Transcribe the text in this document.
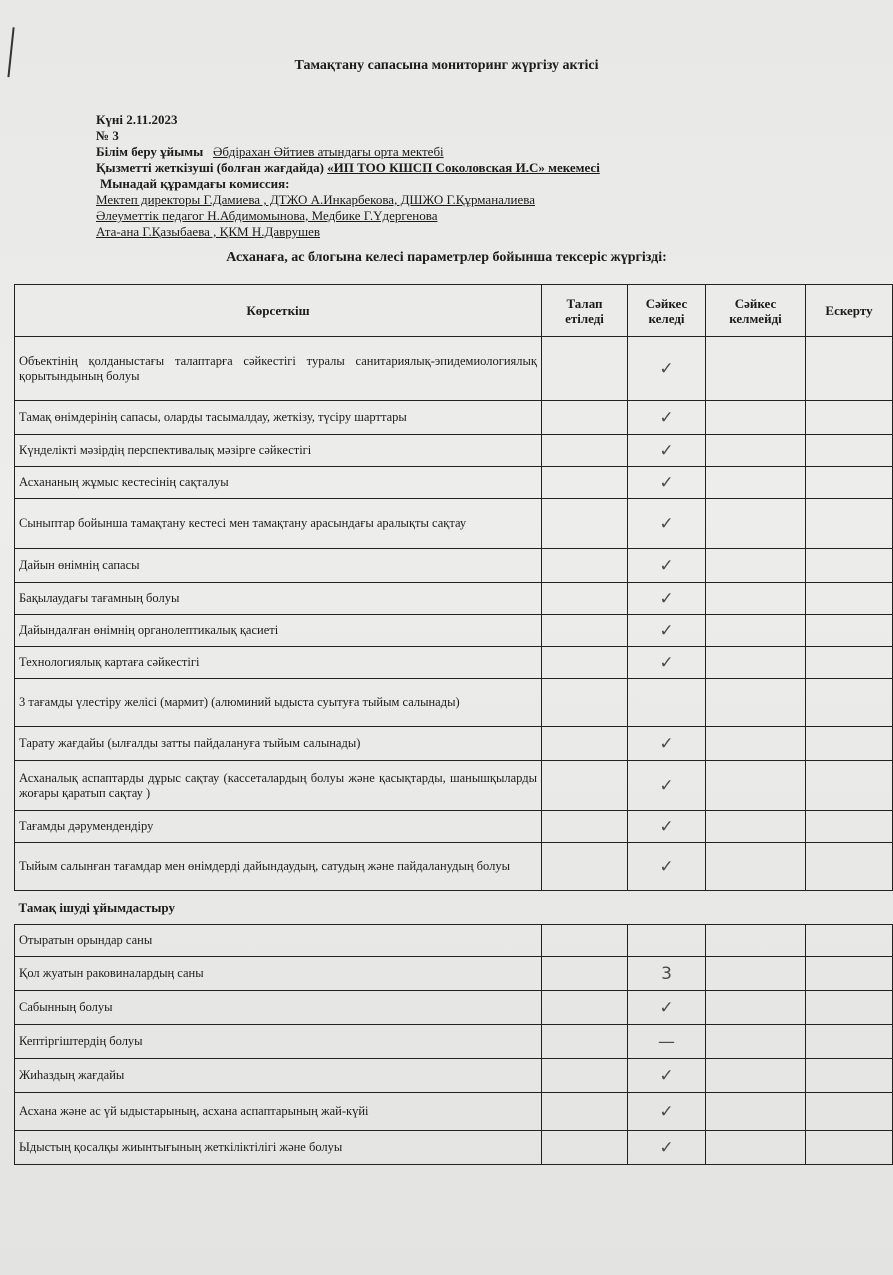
Тамақтану сапасына мониторинг жүргізу актісі
Күні 2.11.2023
№ 3
Білім беру ұйымы Әбдірахан Әйтиев атындағы орта мектебі
Қызметті жеткізуші (болған жағдайда) «ИП ТОО КШСП Соколовская И.С» мекемесі
Мынадай құрамдағы комиссия:
Мектеп директоры Г.Дамиева , ДТЖО А.Инкарбекова, ДШЖО Г.Құрманалиева
Әлеуметтік педагог Н.Абдимомынова, Медбике Г.Үдергенова
Ата-ана Г.Қазыбаева , ҚКМ Н.Даврушев
Асханаға, ас блогына келесі параметрлер бойынша тексеріс жүргізді:
Көрсеткіш	Талап етіледі	Сәйкес келеді	Сәйкес келмейді	Ескерту
Объектінің қолданыстағы талаптарға сәйкестігі туралы санитариялық-эпидемиологиялық қорытындының болуы		✓		
Тамақ өнімдерінің сапасы, оларды тасымалдау, жеткізу, түсіру шарттары		✓		
Күнделікті мәзірдің перспективалық мәзірге сәйкестігі		✓		
Асхананың жұмыс кестесінің сақталуы		✓		
Сыныптар бойынша тамақтану кестесі мен тамақтану арасындағы аралықты сақтау		✓		
Дайын өнімнің сапасы		✓		
Бақылаудағы тағамның болуы		✓		
Дайындалған өнімнің органолептикалық қасиеті		✓		
Технологиялық картаға сәйкестігі		✓		
3 тағамды үлестіру желісі (мармит) (алюминий ыдыста суытуға тыйым салынады)				
Тарату жағдайы (ылғалды затты пайдалануға тыйым салынады)		✓		
Асханалық аспаптарды дұрыс сақтау (кассеталардың болуы және қасықтарды, шанышқыларды жоғары қаратып сақтау )		✓		
Тағамды дәрумендендіру		✓		
Тыйым салынған тағамдар мен өнімдерді дайындаудың, сатудың және пайдаланудың болуы		✓		
Тамақ ішуді ұйымдастыру				
Отыратын орындар саны				
Қол жуатын раковиналардың саны		3		
Сабынның болуы		✓		
Кептіргіштердің болуы		—		
Жиһаздың жағдайы		✓		
Асхана және ас үй ыдыстарының, асхана аспаптарының жай-күйі		✓		
Ыдыстың қосалқы жиынтығының жеткіліктілігі және болуы		✓		
